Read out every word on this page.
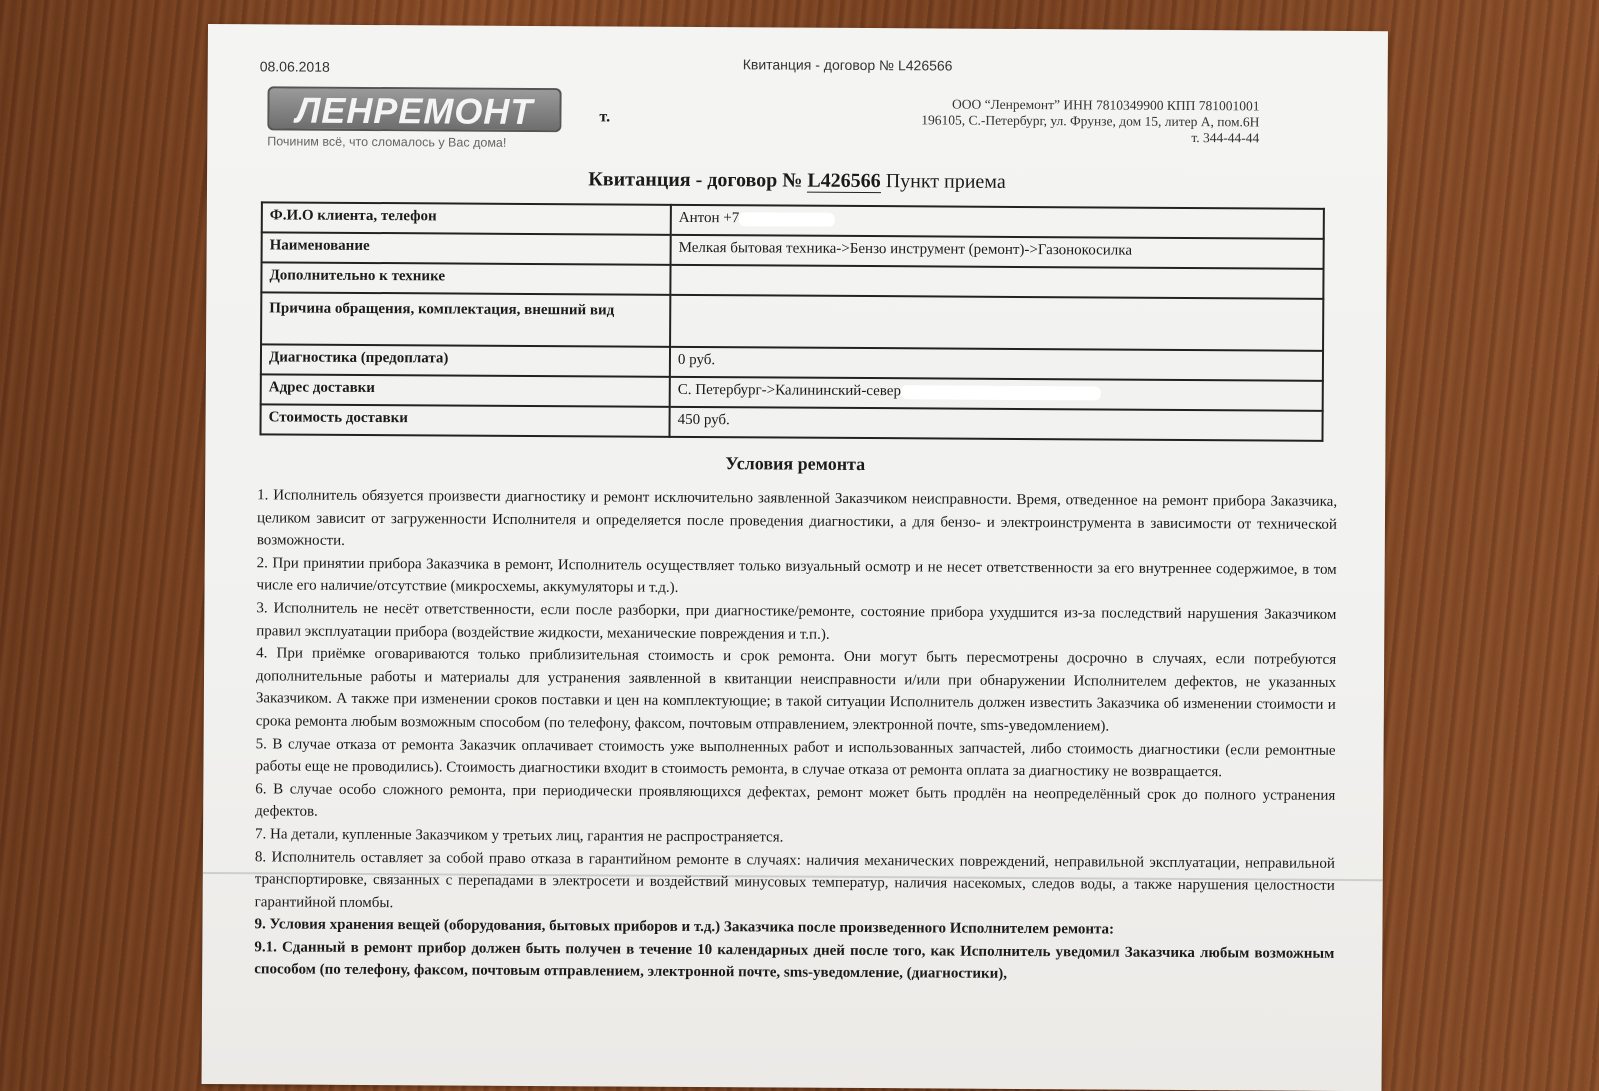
08.06.2018	Квитанция - договор № L426566
ЛЕНРЕМОНТ
Починим всё, что сломалось у Вас дома!
т.
ООО “Ленремонт” ИНН 7810349900 КПП 781001001
196105, С.-Петербург, ул. Фрунзе, дом 15, литер А, пом.6Н
т. 344-44-44
Квитанция - договор № L426566 Пункт приема
Ф.И.О клиента, телефон	Антон +7
Наименование	Мелкая бытовая техника->Бензо инструмент (ремонт)->Газонокосилка
Дополнительно к технике	
Причина обращения, комплектация, внешний вид	
Диагностика (предоплата)	0 руб.
Адрес доставки	С. Петербург->Калининский-север
Стоимость доставки	450 руб.
Условия ремонта

1. Исполнитель обязуется произвести диагностику и ремонт исключительно заявленной Заказчиком неисправности. Время, отведенное на ремонт прибора Заказчика, целиком зависит от загруженности Исполнителя и определяется после проведения диагностики, а для бензо- и электроинструмента в зависимости от технической возможности.

2. При принятии прибора Заказчика в ремонт, Исполнитель осуществляет только визуальный осмотр и не несет ответственности за его внутреннее содержимое, в том числе его наличие/отсутствие (микросхемы, аккумуляторы и т.д.).

3. Исполнитель не несёт ответственности, если после разборки, при диагностике/ремонте, состояние прибора ухудшится из-за последствий нарушения Заказчиком правил эксплуатации прибора (воздействие жидкости, механические повреждения и т.п.).

4. При приёмке оговариваются только приблизительная стоимость и срок ремонта. Они могут быть пересмотрены досрочно в случаях, если потребуются дополнительные работы и материалы для устранения заявленной в квитанции неисправности и/или при обнаружении Исполнителем дефектов, не указанных Заказчиком. А также при изменении сроков поставки и цен на комплектующие; в такой ситуации Исполнитель должен известить Заказчика об изменении стоимости и срока ремонта любым возможным способом (по телефону, факсом, почтовым отправлением, электронной почте, sms-уведомлением).

5. В случае отказа от ремонта Заказчик оплачивает стоимость уже выполненных работ и использованных запчастей, либо стоимость диагностики (если ремонтные работы еще не проводились). Стоимость диагностики входит в стоимость ремонта, в случае отказа от ремонта оплата за диагностику не возвращается.

6. В случае особо сложного ремонта, при периодически проявляющихся дефектах, ремонт может быть продлён на неопределённый срок до полного устранения дефектов.

7. На детали, купленные Заказчиком у третьих лиц, гарантия не распространяется.

8. Исполнитель оставляет за собой право отказа в гарантийном ремонте в случаях: наличия механических повреждений, неправильной эксплуатации, неправильной транспортировке, связанных с перепадами в электросети и воздействий минусовых температур, наличия насекомых, следов воды, а также нарушения целостности гарантийной пломбы.

9. Условия хранения вещей (оборудования, бытовых приборов и т.д.) Заказчика после произведенного Исполнителем ремонта:

9.1. Сданный в ремонт прибор должен быть получен в течение 10 календарных дней после того, как Исполнитель уведомил Заказчика любым возможным способом (по телефону, факсом, почтовым отправлением, электронной почте, sms-уведомление, (диагностики),
